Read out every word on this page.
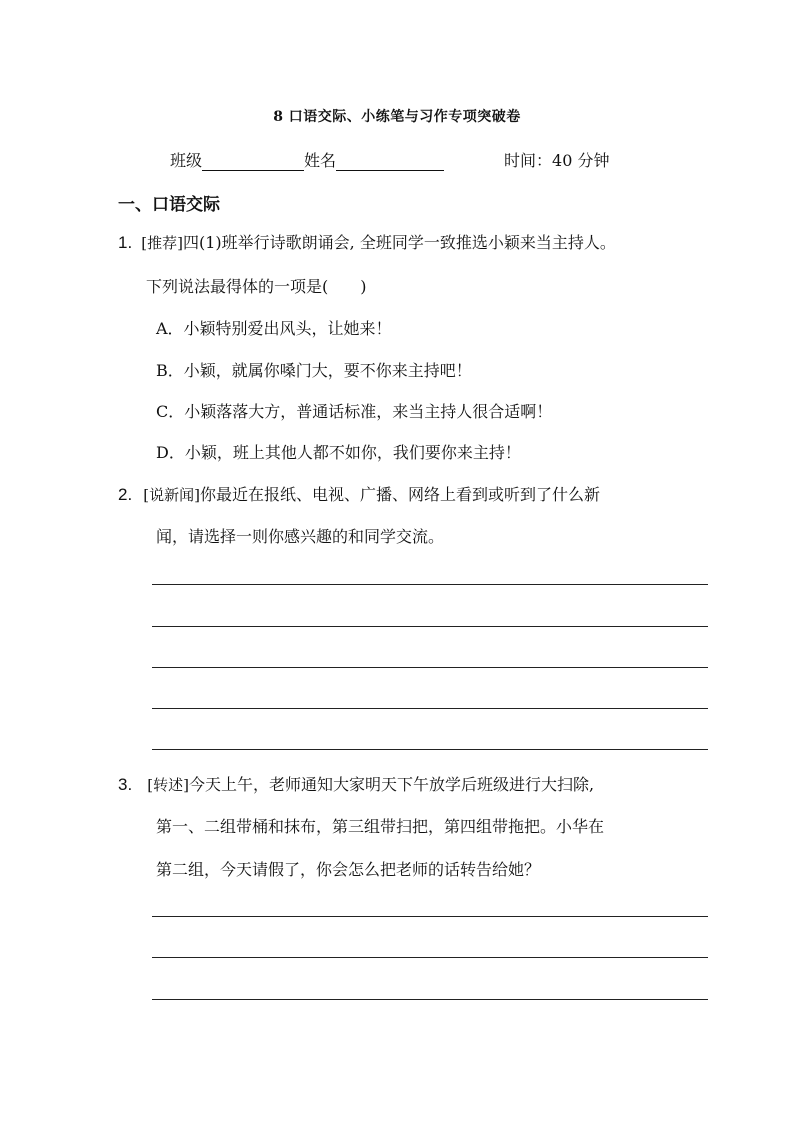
8 口语交际、小练笔与习作专项突破卷
班级	姓名	时间：40 分钟
一、口语交际
1. [推荐]四(1)班举行诗歌朗诵会, 全班同学一致推选小颖来当主持人。
下列说法最得体的一项是(　　)
A．小颖特别爱出风头，让她来！
B．小颖，就属你嗓门大，要不你来主持吧！
C．小颖落落大方，普通话标准，来当主持人很合适啊！
D．小颖，班上其他人都不如你，我们要你来主持！
2. [说新闻]你最近在报纸、电视、广播、网络上看到或听到了什么新
闻，请选择一则你感兴趣的和同学交流。
3. [转述]今天上午，老师通知大家明天下午放学后班级进行大扫除,
第一、二组带桶和抹布，第三组带扫把，第四组带拖把。小华在
第二组，今天请假了，你会怎么把老师的话转告给她？
